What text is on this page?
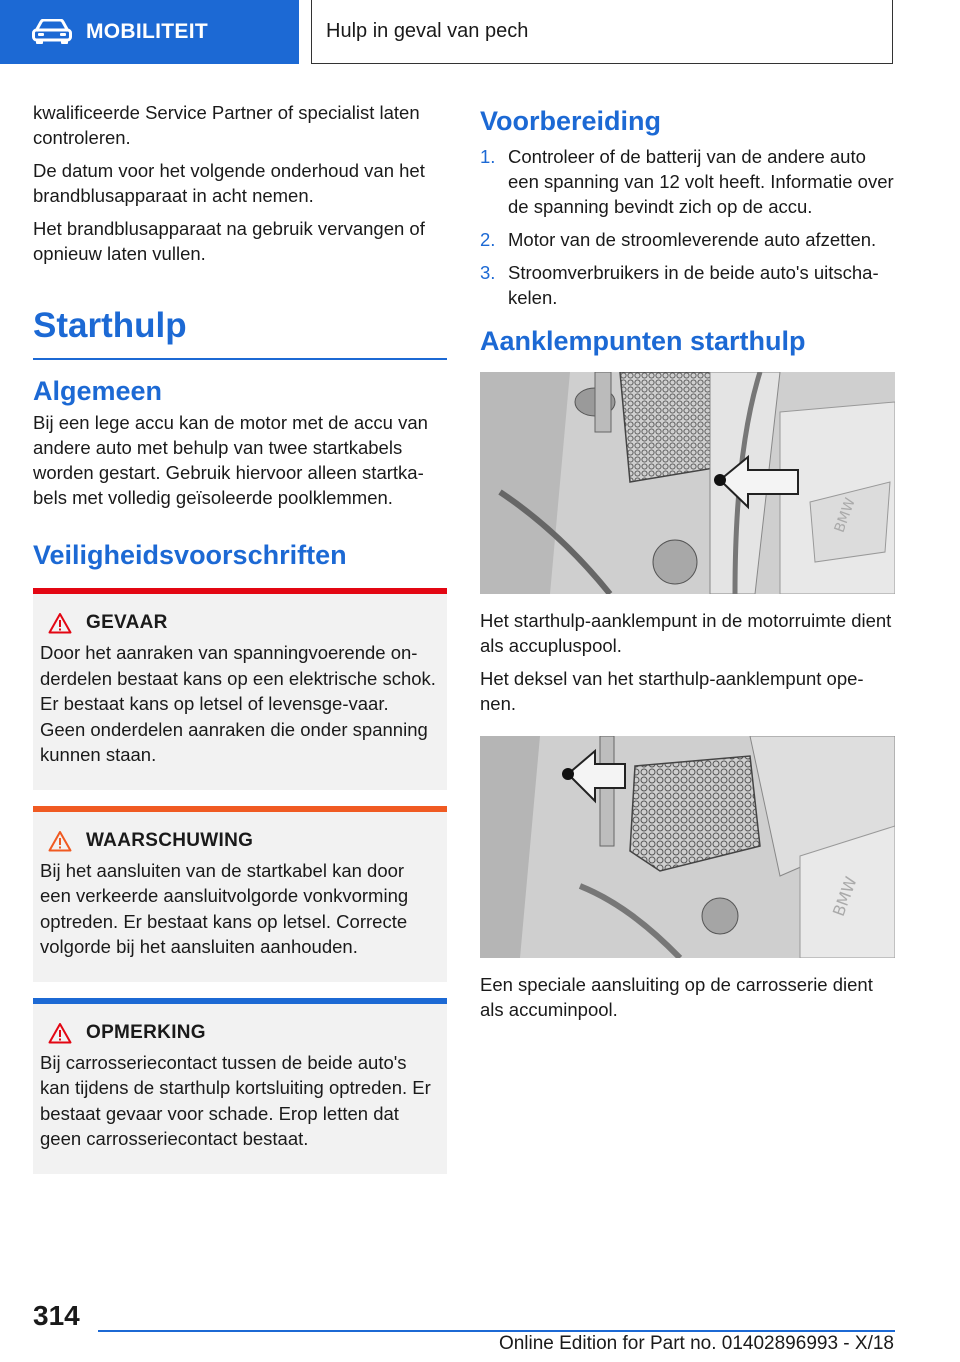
MOBILITEIT	Hulp in geval van pech

kwalificeerde Service Partner of specialist laten controleren.

De datum voor het volgende onderhoud van het brandblusapparaat in acht nemen.

Het brandblusapparaat na gebruik vervangen of opnieuw laten vullen.

Starthulp
Algemeen

Bij een lege accu kan de motor met de accu van andere auto met behulp van twee startkabels worden gestart. Gebruik hiervoor alleen startka‐bels met volledig geïsoleerde poolklemmen.

Veiligheidsvoorschriften
GEVAAR
Door het aanraken van spanningvoerende on‐derdelen bestaat kans op een elektrische schok. Er bestaat kans op letsel of levensge‐vaar. Geen onderdelen aanraken die onder spanning kunnen staan.
WAARSCHUWING
Bij het aansluiten van de startkabel kan door een verkeerde aansluitvolgorde vonkvorming optreden. Er bestaat kans op letsel. Correcte volgorde bij het aansluiten aanhouden.
OPMERKING
Bij carrosseriecontact tussen de beide auto's kan tijdens de starthulp kortsluiting optreden. Er bestaat gevaar voor schade. Erop letten dat geen carrosseriecontact bestaat.
Voorbereiding
1. Controleer of de batterij van de andere auto een spanning van 12 volt heeft. Informatie over de spanning bevindt zich op de accu.
2. Motor van de stroomleverende auto afzetten.
3. Stroomverbruikers in de beide auto's uitscha‐kelen.
Aanklempunten starthulp
BMW

Het starthulp-aanklempunt in de motorruimte dient als accupluspool.

Het deksel van het starthulp-aanklempunt ope‐nen.

BMW

Een speciale aansluiting op de carrosserie dient als accuminpool.

314
Online Edition for Part no. 01402896993 - X/18
